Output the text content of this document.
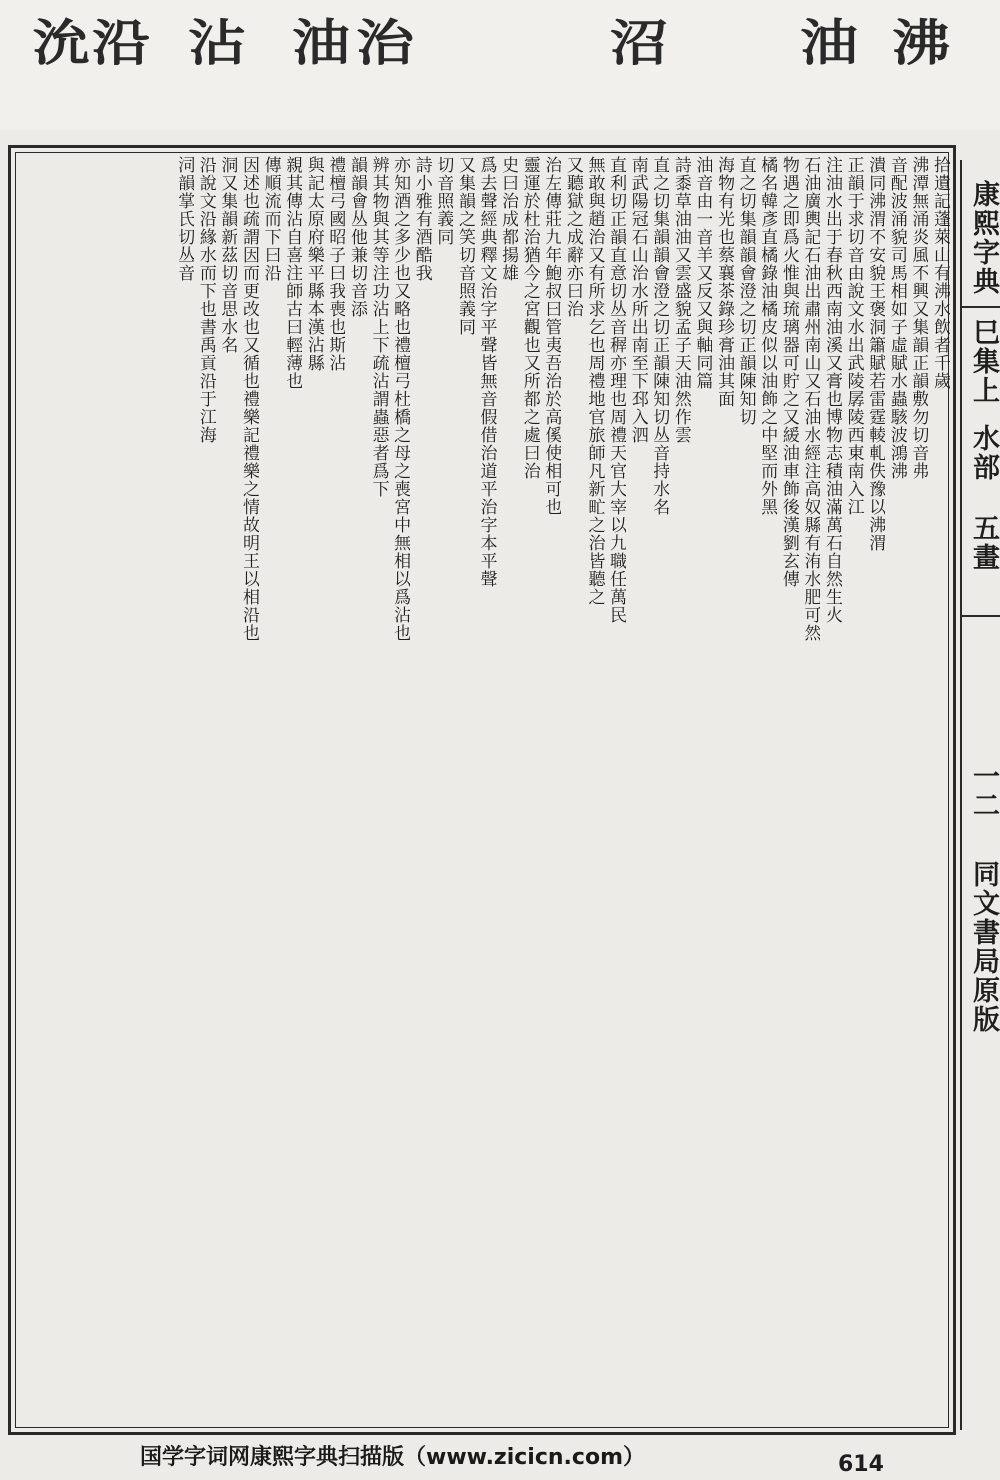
沇 沿 沾 油 治	沼 油 沸
拾遺記蓬萊山有沸水飲者千歲
沸潭無涌炎風不興又集韻正韻敷勿切音弗
音配波涌貌司馬相如子虛賦水蟲駭波鴻沸
潰同沸渭不安貌王褒洞簫賦若雷霆輘軋佚豫以沸渭
正韻于求切音由說文水出武陵孱陵西東南入江
注油水出于春秋西南油溪又膏也博物志積油滿萬石自然生火
石油廣輿記石油出肅州南山又石油水經注高奴縣有洧水肥可然
物遇之即爲火惟與琉璃器可貯之又緩油車飾後漢劉玄傳
橘名韓彥直橘錄油橘皮似以油飾之中堅而外黑
直之切集韻韻會澄之切正韻陳知切
海物有光也蔡襄茶錄珍膏油其面
油音由一音羊又反又與軸同篇
詩黍草油油又雲盛貌孟子天油然作雲
直之切集韻韻會澄之切正韻陳知切丛音持水名
南武陽冠石山治水所出南至下邳入泗
直利切正韻直意切丛音稺亦理也周禮天官大宰以九職任萬民
無敢與趙治又有所求乞也周禮地官旅師凡新甿之治皆聽之
又聽獄之成辭亦曰治
治左傳莊九年鮑叔曰管夷吾治於高傒使相可也
靈運於杜治猶今之宮觀也又所都之處曰治
史曰治成都揚雄
爲去聲經典釋文治字平聲皆無音假借治道平治字本平聲
又集韻之笑切音照義同
切音照義同
詩小雅有酒酷我
亦知酒之多少也又略也禮檀弓杜橋之母之喪宮中無相以爲沾也
辨其物與其等注功沾上下疏沾謂蟲惡者爲下
韻韻會丛他兼切音添
禮檀弓國昭子曰我喪也斯沾
與記太原府樂平縣本漢沾縣
親其傳沾自喜注師古曰輕薄也
傳順流而下曰沿
因述也疏謂因而更改也又循也禮樂記禮樂之情故明王以相沿也
洞又集韻新茲切音思水名
沿說文沿緣水而下也書禹貢沿于江海
泀韻掌氏切丛音	康熙字典
巳集上
水部
五畫
一二
同文書局原版
国学字词网康熙字典扫描版（www.zicicn.com）	614
